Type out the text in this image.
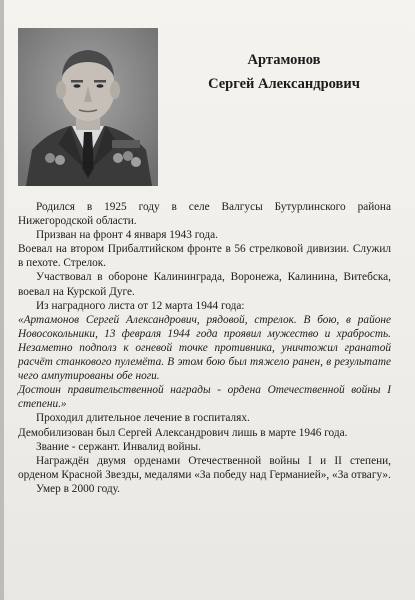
Артамонов
Сергей Александрович

Родился в 1925 году в селе Валгусы Бутурлинского района Нижегородской области.

Призван на фронт 4 января 1943 года.

Воевал на втором Прибалтийском фронте в 56 стрелковой дивизии. Служил в пехоте. Стрелок.

Участвовал в обороне Калининграда, Воронежа, Калинина, Витебска, воевал на Курской Дуге.

Из наградного листа от 12 марта 1944 года:

«Артамонов Сергей Александрович, рядовой, стрелок. В бою, в районе Новосокольники, 13 февраля 1944 года проявил мужество и храбрость. Незаметно подполз к огневой точке противника, уничтожил гранатой расчёт станкового пулемёта. В этом бою был тяжело ранен, в результате чего ампутированы обе ноги.

Достоин правительственной награды - ордена Отечественной войны I степени.»

Проходил длительное лечение в госпиталях.

Демобилизован был Сергей Александрович лишь в марте 1946 года.

Звание - сержант. Инвалид войны.

Награждён двумя орденами Отечественной войны I и II степени, орденом Красной Звезды, медалями «За победу над Германией», «За отвагу».

Умер в 2000 году.
